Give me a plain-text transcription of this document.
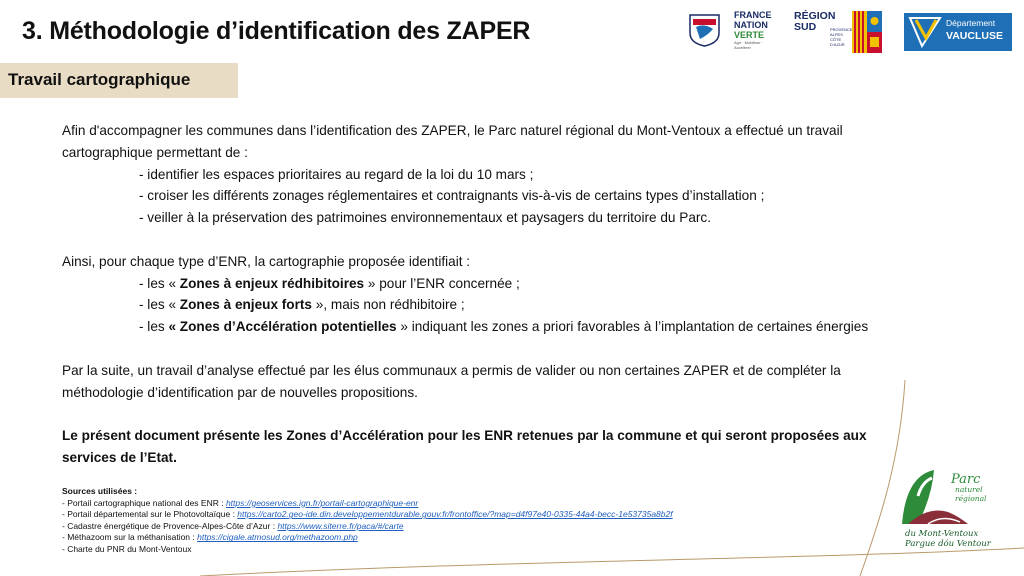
3. Méthodologie d’identification des ZAPER
FRANCE
NATION
VERTE
Agir · Mobiliser · Accélérer
RÉGION
SUD	PROVENCE ALPES CÔTE D’AZUR
Département
VAUCLUSE
Travail cartographique
Afin d'accompagner les communes dans l’identification des ZAPER, le Parc naturel régional du Mont-Ventoux a effectué un travail
cartographique permettant de :
- identifier les espaces prioritaires au regard de la loi du 10 mars ;
- croiser les différents zonages réglementaires et contraignants vis-à-vis de certains types d’installation ;
- veiller à la préservation des patrimoines environnementaux et paysagers du territoire du Parc.
Ainsi, pour chaque type d’ENR, la cartographie proposée identifiait :
- les « Zones à enjeux rédhibitoires » pour l’ENR concernée ;
- les « Zones à enjeux forts », mais non rédhibitoire ;
- les « Zones d’Accélération potentielles » indiquant les zones a priori favorables à l’implantation de certaines énergies
Par la suite, un travail d’analyse effectué par les élus communaux a permis de valider ou non certaines ZAPER et de compléter la
méthodologie d’identification par de nouvelles propositions.
Le présent document présente les Zones d’Accélération pour les ENR retenues par la commune et qui seront proposées aux
services de l’Etat.
Sources utilisées :
- Portail cartographique national des ENR : https://geoservices.ign.fr/portail-cartographique-enr
- Portail départemental sur le Photovoltaïque : https://carto2.geo-ide.din.developpementdurable.gouv.fr/frontoffice/?map=d4f97e40-0335-44a4-becc-1e53735a8b2f
- Cadastre énergétique de Provence-Alpes-Côte d’Azur : https://www.siterre.fr/paca/#/carte
- Méthazoom sur la méthanisation : https://cigale.atmosud.org/methazoom.php
- Charte du PNR du Mont-Ventoux
Parc
naturel
régional
du Mont-Ventoux
Pargue dóu Ventour
